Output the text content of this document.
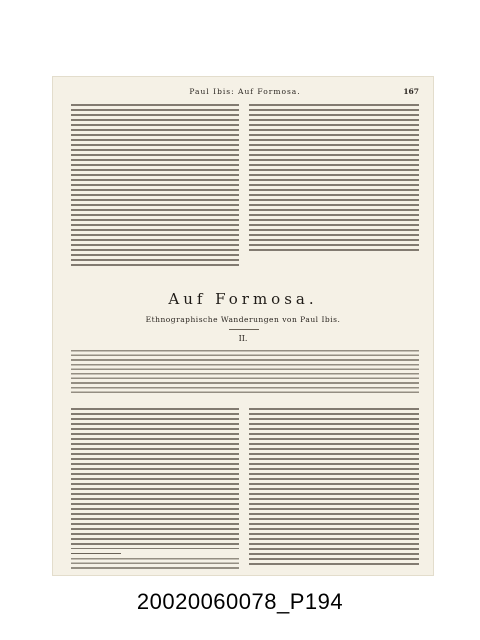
Paul Ibis: Auf Formosa.	167
Auf Formosa.
Ethnographische Wanderungen von Paul Ibis.
II.
20020060078_P194
